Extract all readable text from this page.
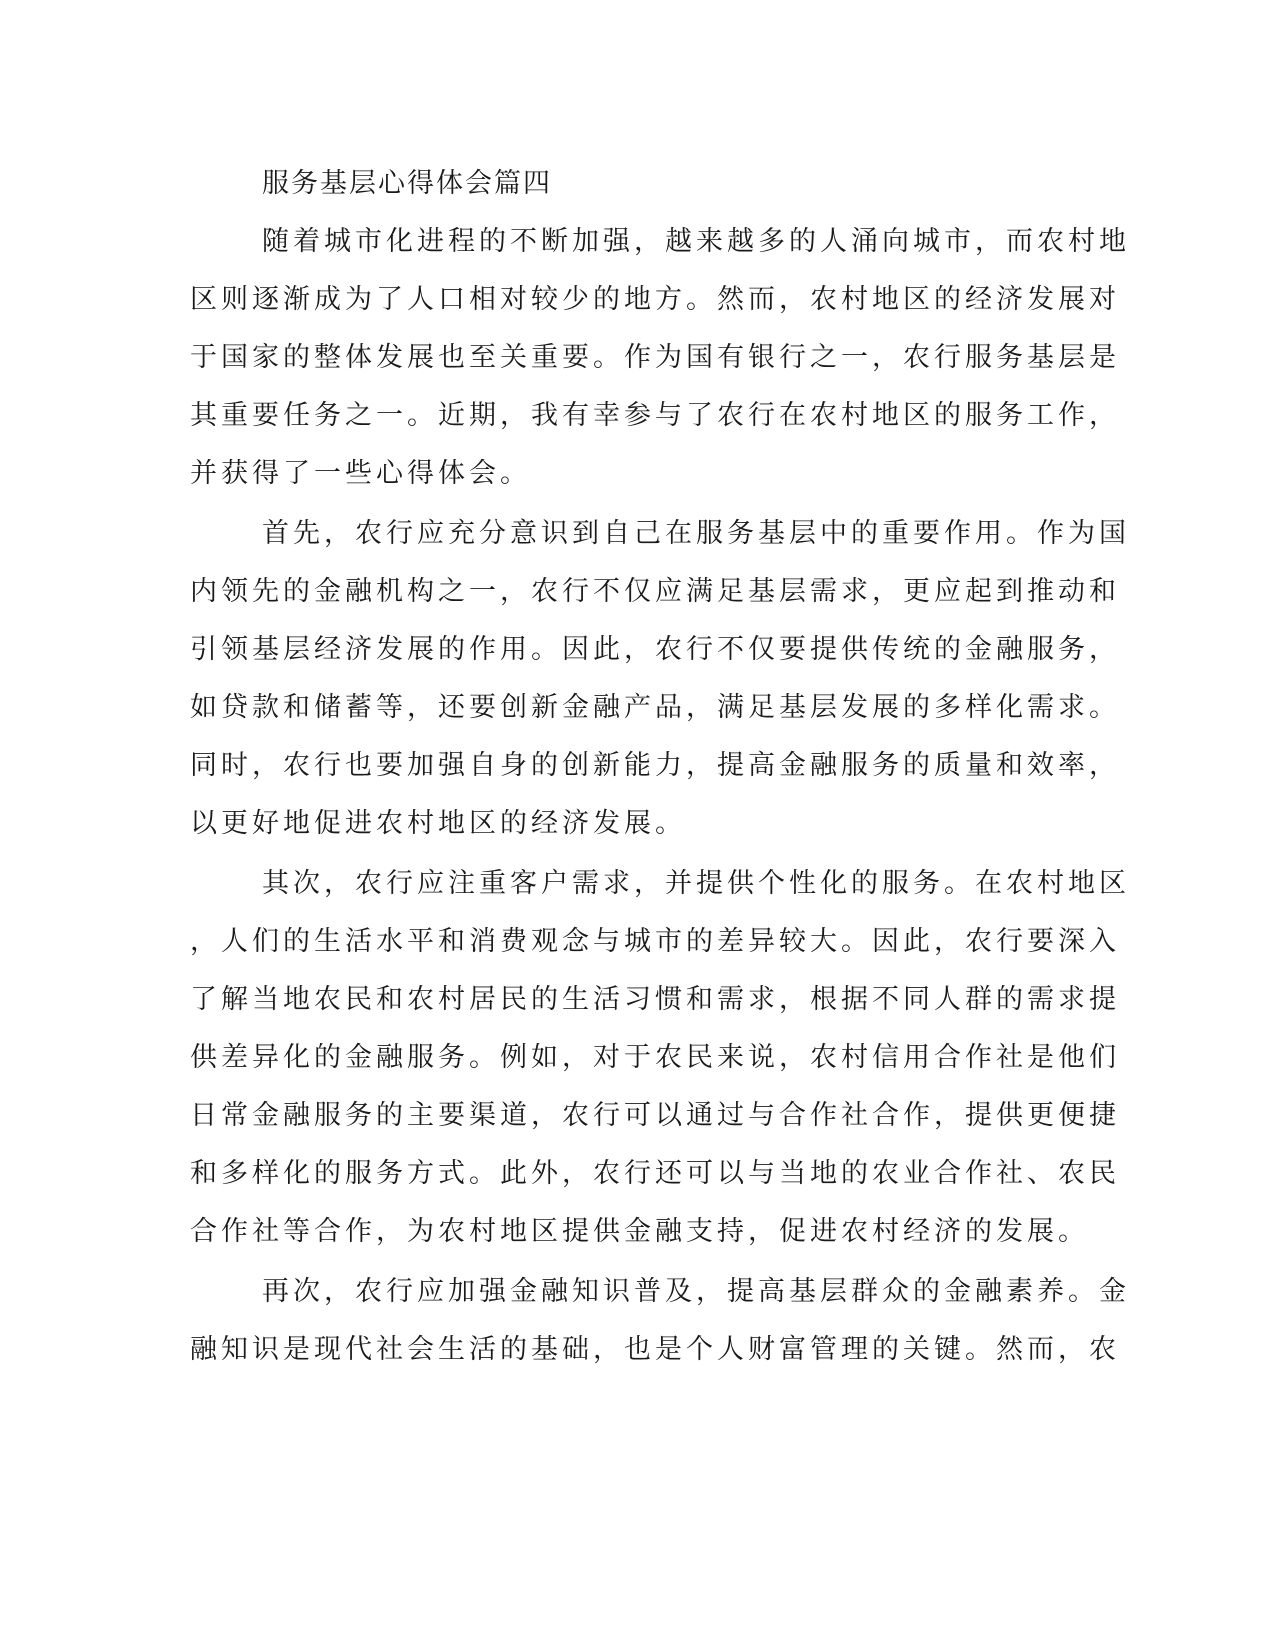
服务基层心得体会篇四
随着城市化进程的不断加强，越来越多的人涌向城市，而农村地
区则逐渐成为了人口相对较少的地方。然而，农村地区的经济发展对
于国家的整体发展也至关重要。作为国有银行之一，农行服务基层是
其重要任务之一。近期，我有幸参与了农行在农村地区的服务工作，
并获得了一些心得体会。
首先，农行应充分意识到自己在服务基层中的重要作用。作为国
内领先的金融机构之一，农行不仅应满足基层需求，更应起到推动和
引领基层经济发展的作用。因此，农行不仅要提供传统的金融服务，
如贷款和储蓄等，还要创新金融产品，满足基层发展的多样化需求。
同时，农行也要加强自身的创新能力，提高金融服务的质量和效率，
以更好地促进农村地区的经济发展。
其次，农行应注重客户需求，并提供个性化的服务。在农村地区
，人们的生活水平和消费观念与城市的差异较大。因此，农行要深入
了解当地农民和农村居民的生活习惯和需求，根据不同人群的需求提
供差异化的金融服务。例如，对于农民来说，农村信用合作社是他们
日常金融服务的主要渠道，农行可以通过与合作社合作，提供更便捷
和多样化的服务方式。此外，农行还可以与当地的农业合作社、农民
合作社等合作，为农村地区提供金融支持，促进农村经济的发展。
再次，农行应加强金融知识普及，提高基层群众的金融素养。金
融知识是现代社会生活的基础，也是个人财富管理的关键。然而，农
